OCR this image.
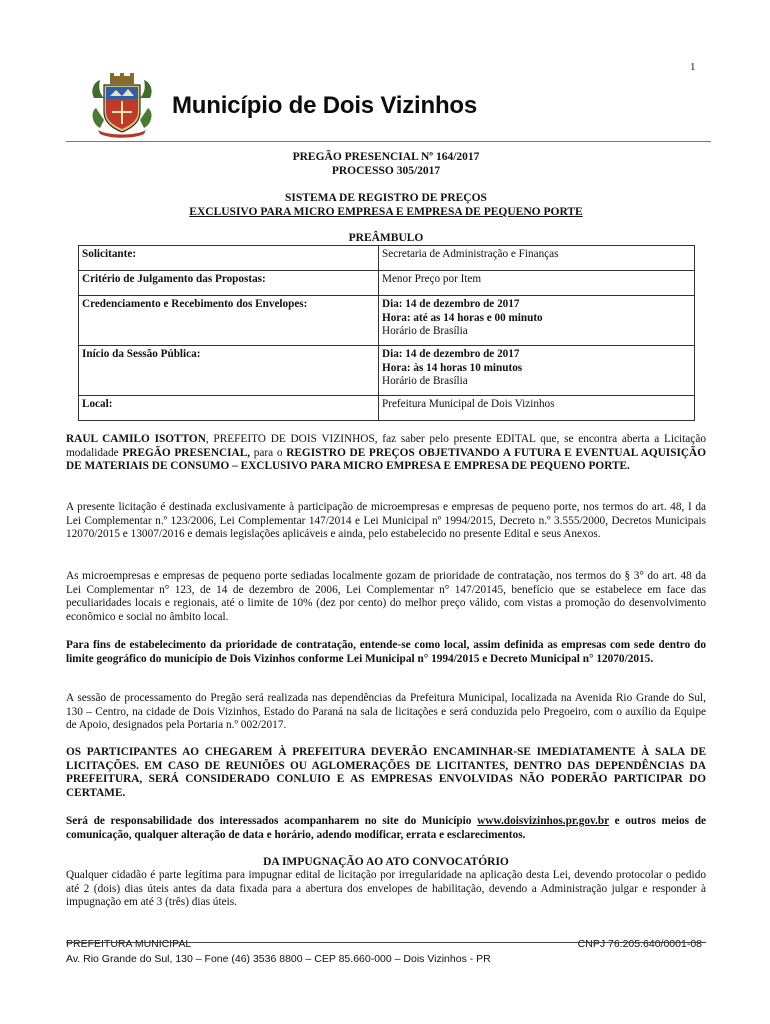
1
Município de Dois Vizinhos
PREGÃO PRESENCIAL Nº 164/2017
PROCESSO 305/2017
SISTEMA DE REGISTRO DE PREÇOS
EXCLUSIVO PARA MICRO EMPRESA E EMPRESA DE PEQUENO PORTE
PREÂMBULO
Solicitante:	Secretaria de Administração e Finanças
Critério de Julgamento das Propostas:	Menor Preço por Item
Credenciamento e Recebimento dos Envelopes:	Dia: 14 de dezembro de 2017
Hora: até as 14 horas e 00 minuto
Horário de Brasília
Início da Sessão Pública:	Dia: 14 de dezembro de 2017
Hora: às 14 horas 10 minutos
Horário de Brasília
Local:	Prefeitura Municipal de Dois Vizinhos
RAUL CAMILO ISOTTON, PREFEITO DE DOIS VIZINHOS, faz saber pelo presente EDITAL que, se encontra aberta a Licitação modalidade PREGÃO PRESENCIAL, para o REGISTRO DE PREÇOS OBJETIVANDO A FUTURA E EVENTUAL AQUISIÇÃO DE MATERIAIS DE CONSUMO – EXCLUSIVO PARA MICRO EMPRESA E EMPRESA DE PEQUENO PORTE.
A presente licitação é destinada exclusivamente à participação de microempresas e empresas de pequeno porte, nos termos do art. 48, I da Lei Complementar n.º 123/2006, Lei Complementar 147/2014 e Lei Municipal nº 1994/2015, Decreto n.º 3.555/2000, Decretos Municipais 12070/2015 e 13007/2016 e demais legislações aplicáveis e ainda, pelo estabelecido no presente Edital e seus Anexos.
As microempresas e empresas de pequeno porte sediadas localmente gozam de prioridade de contratação, nos termos do § 3° do art. 48 da Lei Complementar n° 123, de 14 de dezembro de 2006, Lei Complementar n° 147/20145, benefício que se estabelece em face das peculiaridades locais e regionais, até o limite de 10% (dez por cento) do melhor preço válido, com vistas a promoção do desenvolvimento econômico e social no âmbito local.
Para fins de estabelecimento da prioridade de contratação, entende-se como local, assim definida as empresas com sede dentro do limite geográfico do município de Dois Vizinhos conforme Lei Municipal n° 1994/2015 e Decreto Municipal n° 12070/2015.
A sessão de processamento do Pregão será realizada nas dependências da Prefeitura Municipal, localizada na Avenida Rio Grande do Sul, 130 – Centro, na cidade de Dois Vizinhos, Estado do Paraná na sala de licitações e será conduzida pelo Pregoeiro, com o auxílio da Equipe de Apoio, designados pela Portaria n.º 002/2017.
OS PARTICIPANTES AO CHEGAREM À PREFEITURA DEVERÃO ENCAMINHAR-SE IMEDIATAMENTE À SALA DE LICITAÇÕES. EM CASO DE REUNIÕES OU AGLOMERAÇÕES DE LICITANTES, DENTRO DAS DEPENDÊNCIAS DA PREFEITURA, SERÁ CONSIDERADO CONLUIO E AS EMPRESAS ENVOLVIDAS NÃO PODERÃO PARTICIPAR DO CERTAME.
Será de responsabilidade dos interessados acompanharem no site do Município www.doisvizinhos.pr.gov.br e outros meios de comunicação, qualquer alteração de data e horário, adendo modificar, errata e esclarecimentos.
DA IMPUGNAÇÃO AO ATO CONVOCATÓRIO
Qualquer cidadão é parte legítima para impugnar edital de licitação por irregularidade na aplicação desta Lei, devendo protocolar o pedido até 2 (dois) dias úteis antes da data fixada para a abertura dos envelopes de habilitação, devendo a Administração julgar e responder à impugnação em até 3 (três) dias úteis.
PREFEITURA MUNICIPAL	CNPJ 76.205.640/0001-08
Av. Rio Grande do Sul, 130 – Fone (46) 3536 8800 – CEP 85.660-000 – Dois Vizinhos - PR
